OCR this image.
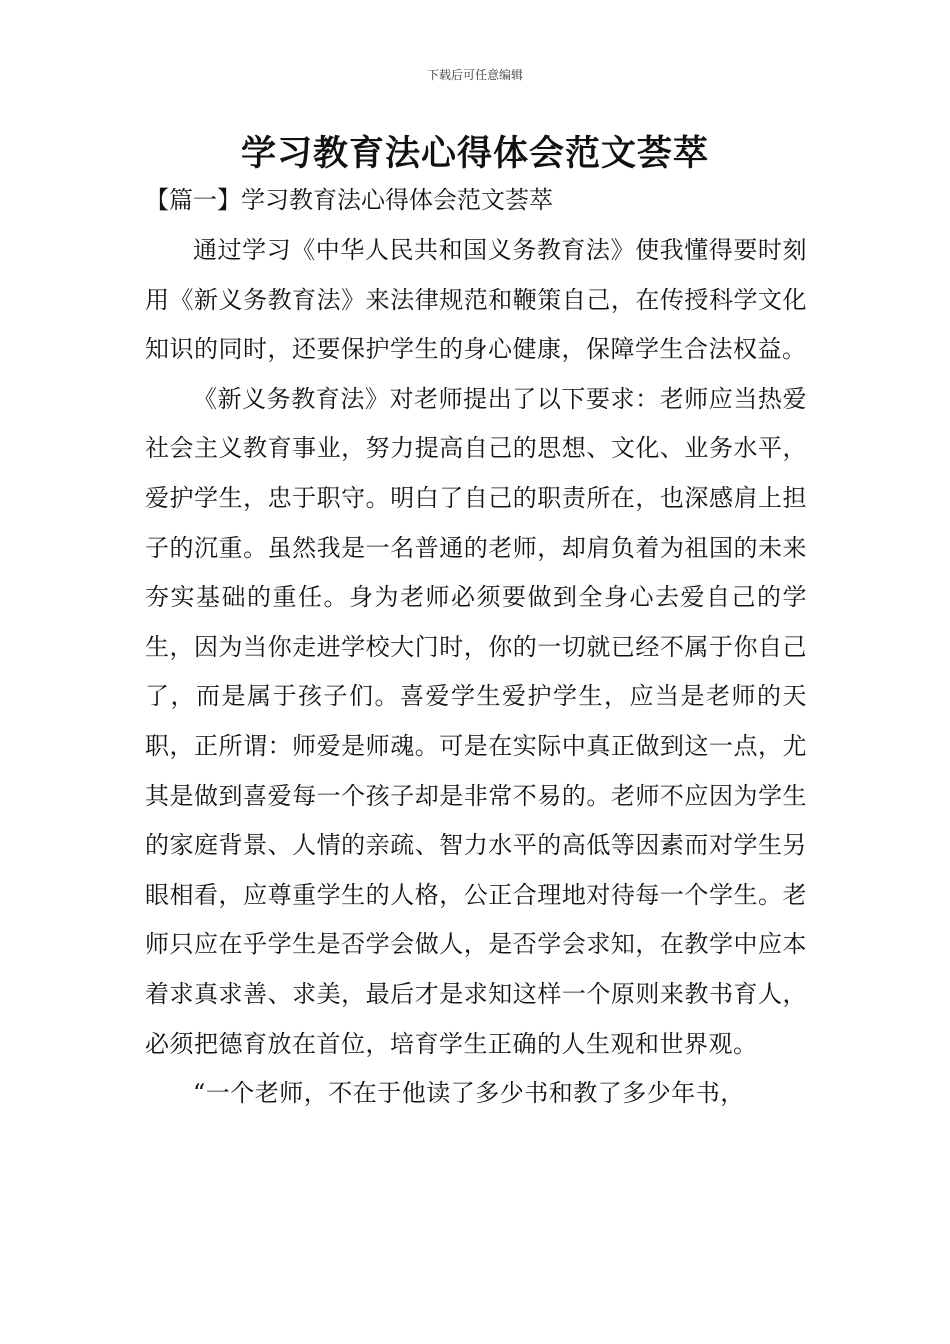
下载后可任意编辑
学习教育法心得体会范文荟萃
【篇一】学习教育法心得体会范文荟萃

通过学习《中华人民共和国义务教育法》使我懂得要时刻用《新义务教育法》来法律规范和鞭策自己，在传授科学文化知识的同时，还要保护学生的身心健康，保障学生合法权益。

《新义务教育法》对老师提出了以下要求：老师应当热爱社会主义教育事业，努力提高自己的思想、文化、业务水平，爱护学生，忠于职守。明白了自己的职责所在，也深感肩上担子的沉重。虽然我是一名普通的老师，却肩负着为祖国的未来夯实基础的重任。身为老师必须要做到全身心去爱自己的学生，因为当你走进学校大门时，你的一切就已经不属于你自己了，而是属于孩子们。喜爱学生爱护学生，应当是老师的天职，正所谓：师爱是师魂。可是在实际中真正做到这一点，尤其是做到喜爱每一个孩子却是非常不易的。老师不应因为学生的家庭背景、人情的亲疏、智力水平的高低等因素而对学生另眼相看，应尊重学生的人格，公正合理地对待每一个学生。老师只应在乎学生是否学会做人，是否学会求知，在教学中应本着求真求善、求美，最后才是求知这样一个原则来教书育人，必须把德育放在首位，培育学生正确的人生观和世界观。

“一个老师，不在于他读了多少书和教了多少年书，
